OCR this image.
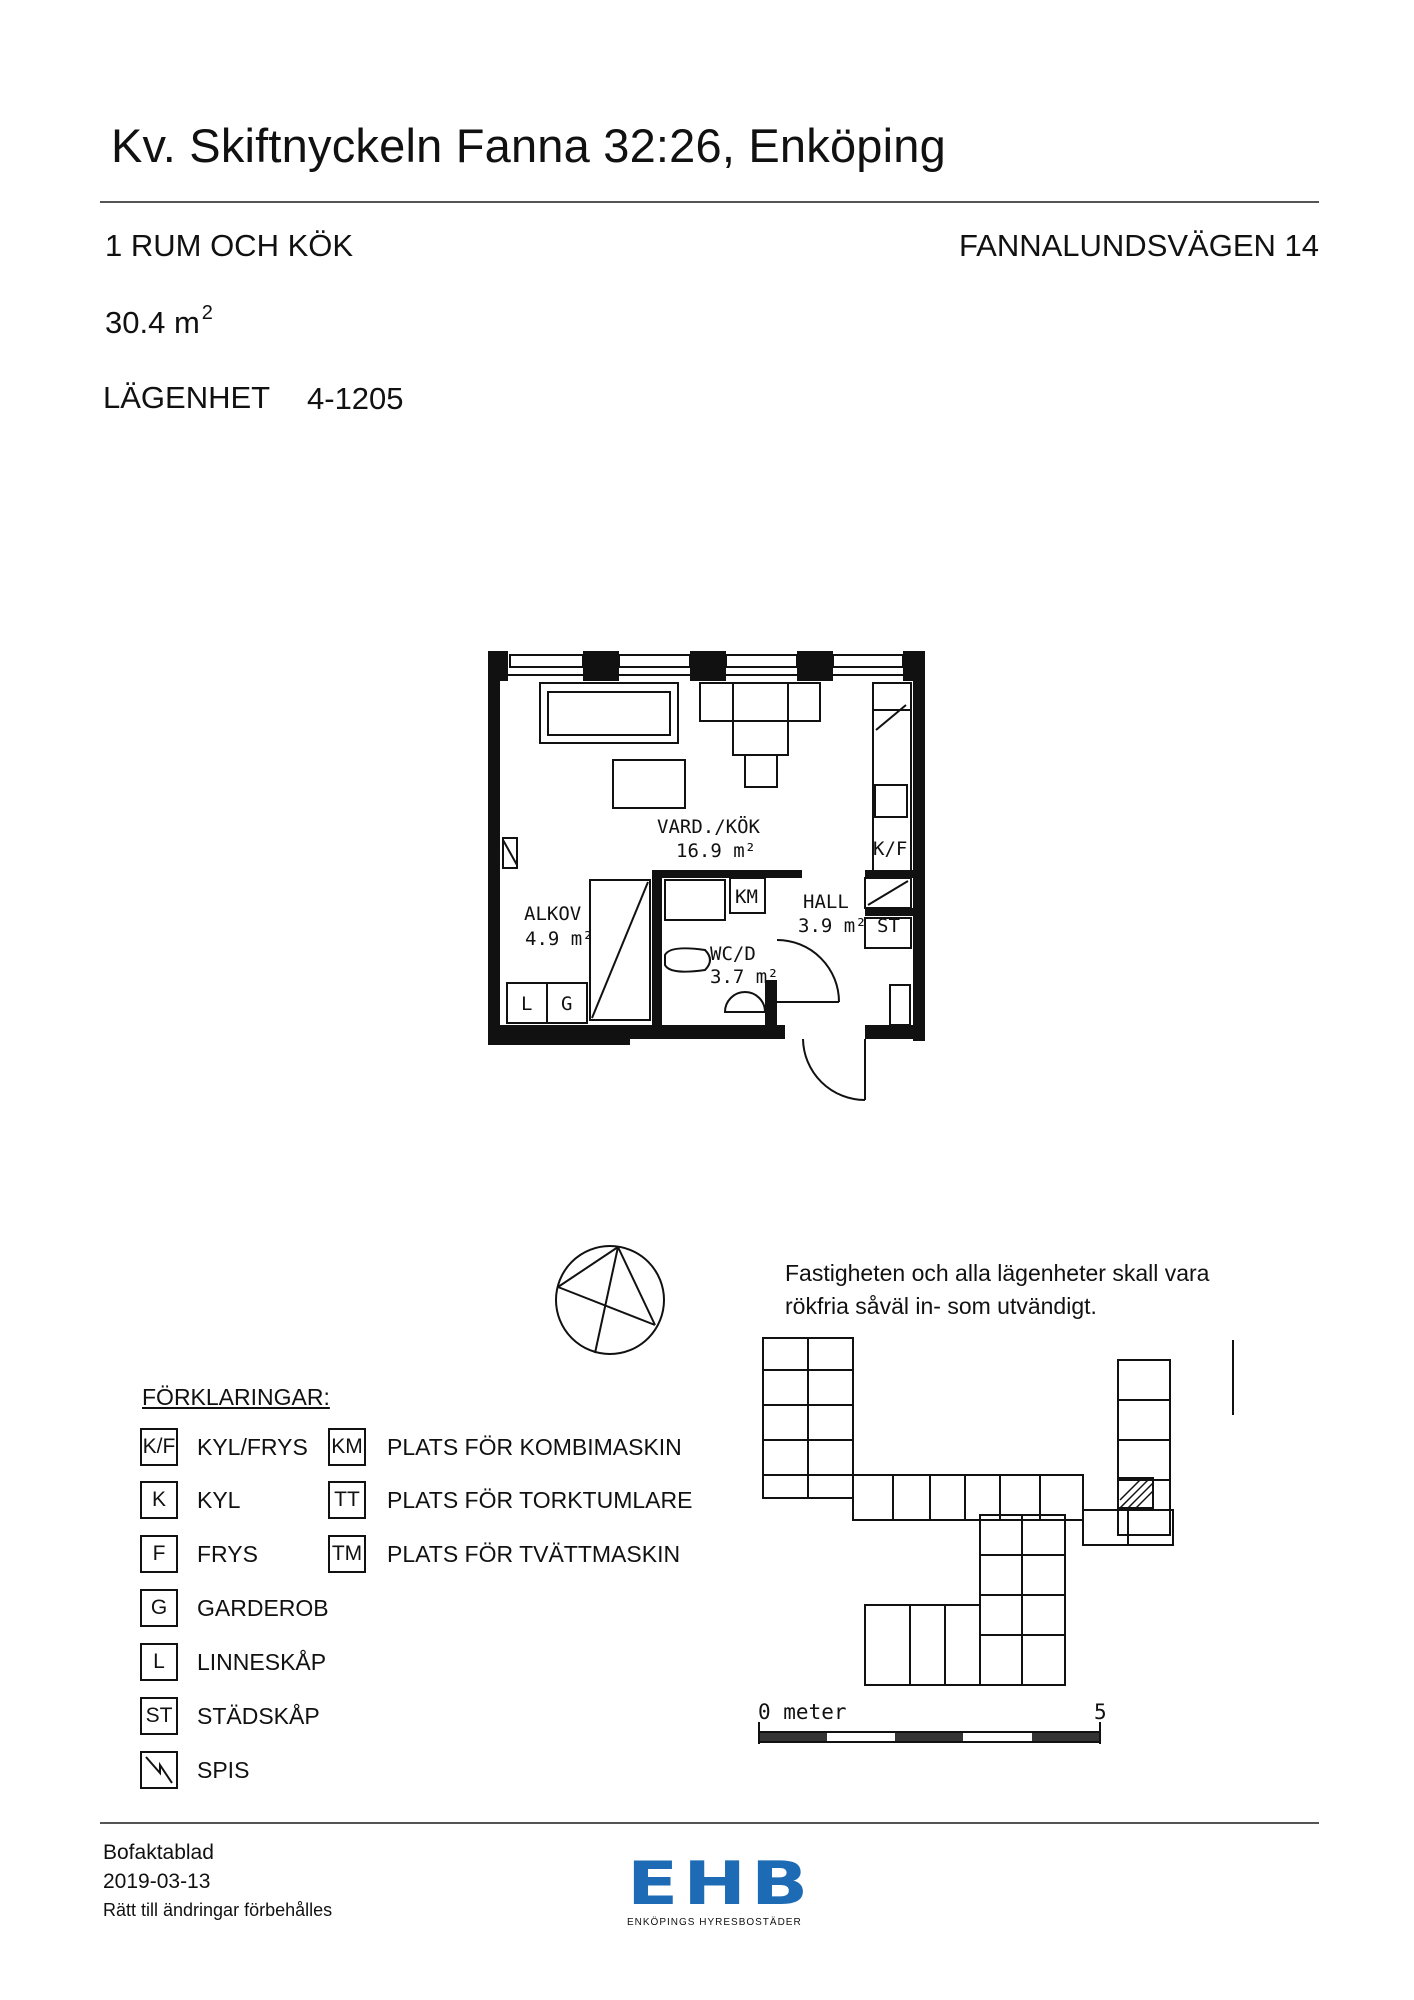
Kv. Skiftnyckeln Fanna 32:26, Enköping
1 RUM OCH KÖK	FANNALUNDSVÄGEN 14
30.4 m $^2$
LÄGENHET 4-1205
VARD./KÖK
16.9 m²
ALKOV
4.9 m²
HALL
3.9 m²
WC/D
3.7 m²
K/F
ST
KM
L G
Fastigheten och alla lägenheter skall vara
rökfria såväl in- som utvändigt.
0 meter	5
FÖRKLARINGAR:
K/F KYL/FRYS
K	KYL
F	FRYS
G	GARDEROB
L	LINNESKÅP
ST STÄDSKÅP
SPIS
KM PLATS FÖR KOMBIMASKIN
TT PLATS FÖR TORKTUMLARE
TM PLATS FÖR TVÄTTMASKIN
Bofaktablad
2019-03-13
Rätt till ändringar förbehålles	EHB
ENKÖPINGS HYRESBOSTÄDER
